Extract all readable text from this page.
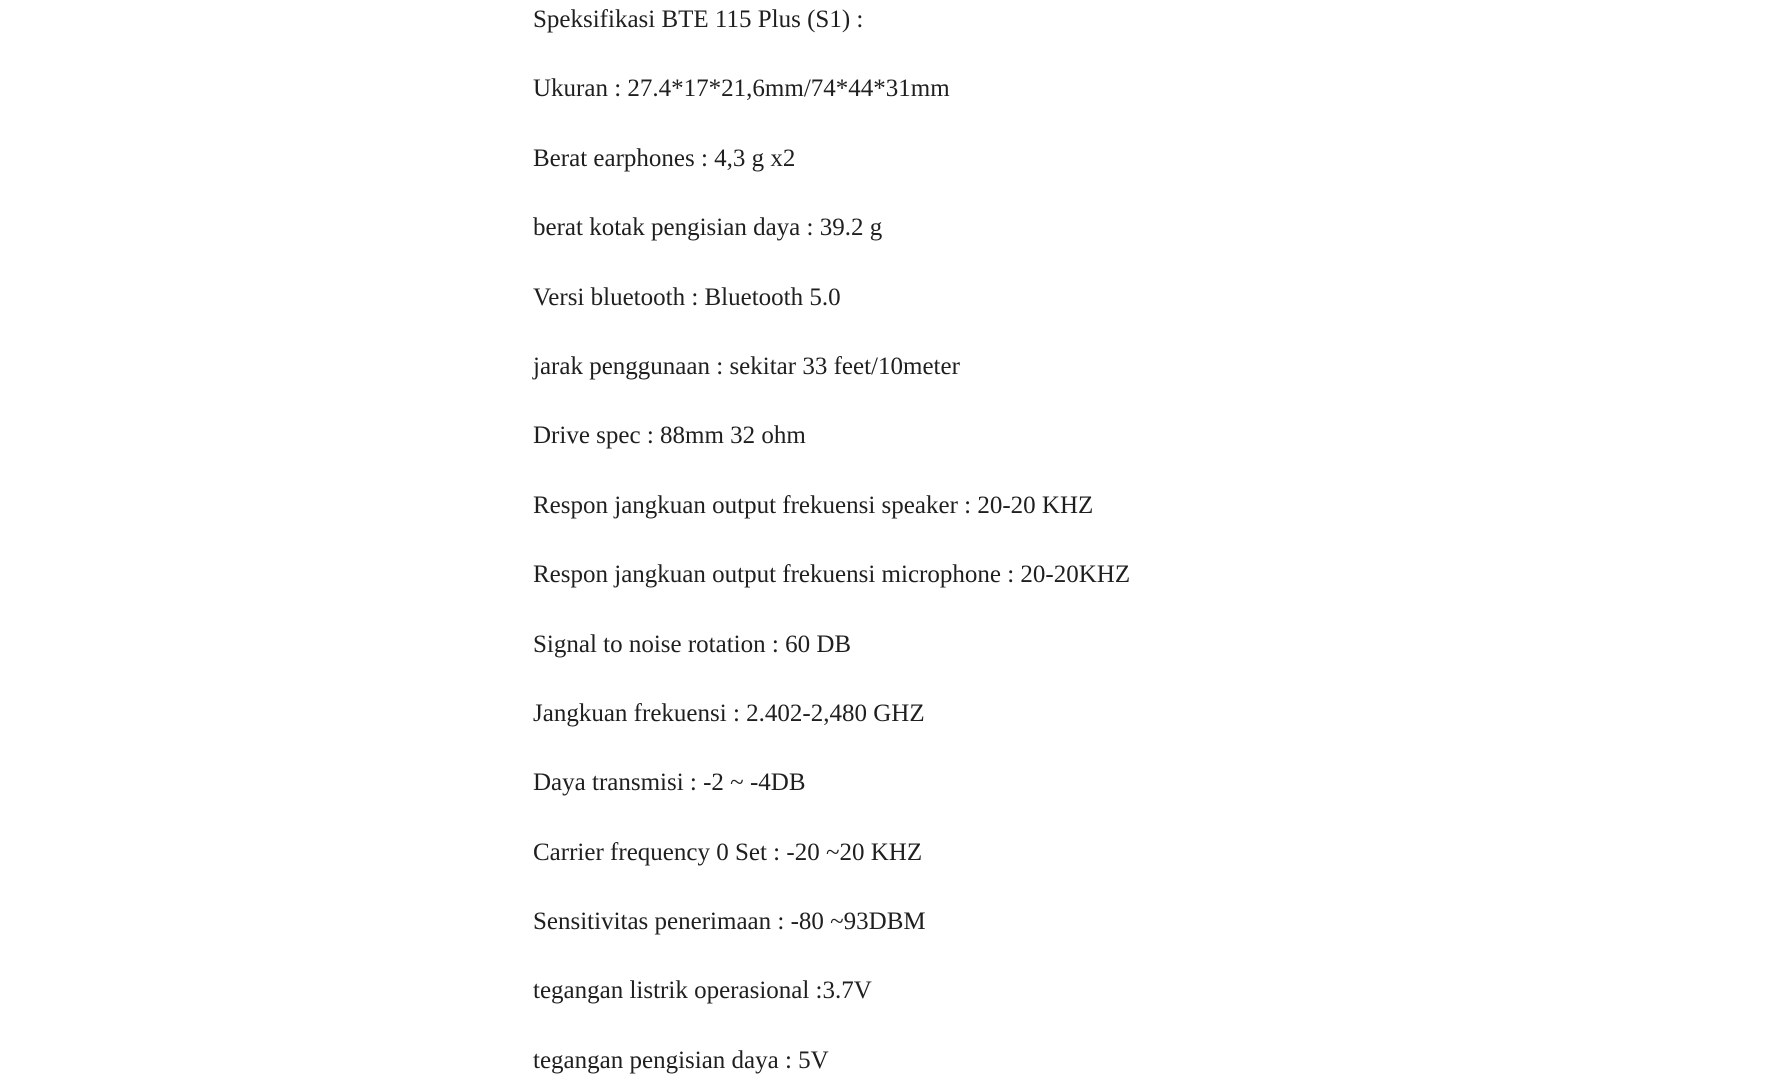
Speksifikasi BTE 115 Plus (S1) :

Ukuran : 27.4*17*21,6mm/74*44*31mm

Berat earphones : 4,3 g x2

berat kotak pengisian daya : 39.2 g

Versi bluetooth : Bluetooth 5.0

jarak penggunaan : sekitar 33 feet/10meter

Drive spec : 88mm 32 ohm

Respon jangkuan output frekuensi speaker : 20-20 KHZ

Respon jangkuan output frekuensi microphone : 20-20KHZ

Signal to noise rotation : 60 DB

Jangkuan frekuensi : 2.402-2,480 GHZ

Daya transmisi : -2 ~ -4DB

Carrier frequency 0 Set : -20 ~20 KHZ

Sensitivitas penerimaan : -80 ~93DBM

tegangan listrik operasional :3.7V

tegangan pengisian daya : 5V
